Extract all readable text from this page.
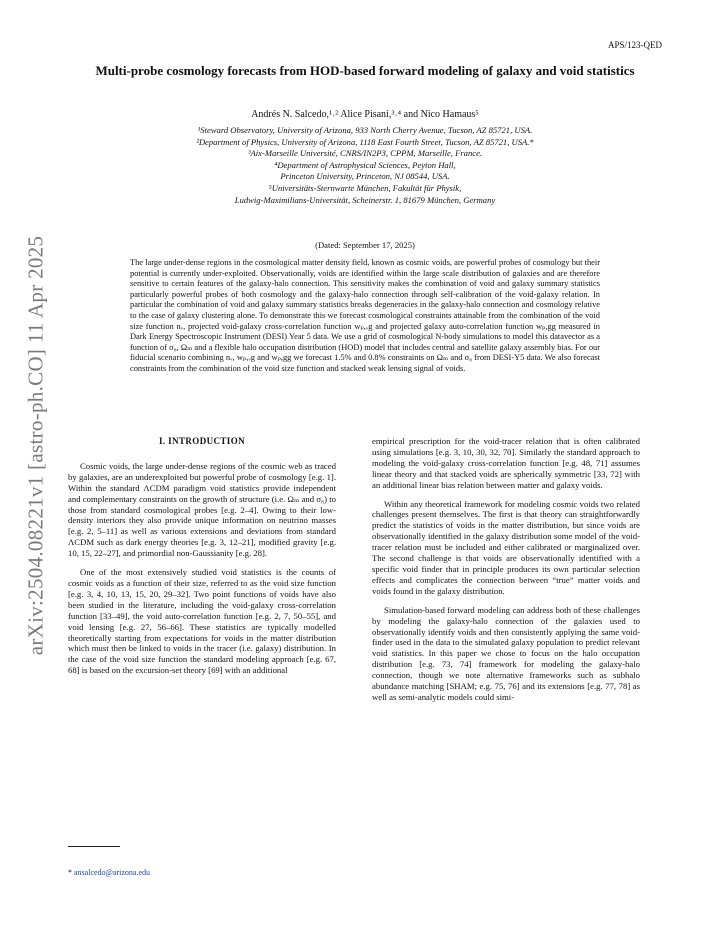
arXiv:2504.08221v1 [astro-ph.CO] 11 Apr 2025
APS/123-QED
Multi-probe cosmology forecasts from HOD-based forward modeling of galaxy and void statistics
Andrés N. Salcedo,¹˒² Alice Pisani,³˒⁴ and Nico Hamaus⁵
¹Steward Observatory, University of Arizona, 933 North Cherry Avenue, Tucson, AZ 85721, USA.
²Department of Physics, University of Arizona, 1118 East Fourth Street, Tucson, AZ 85721, USA.*
³Aix-Marseille Université, CNRS/IN2P3, CPPM, Marseille, France.
⁴Department of Astrophysical Sciences, Peyton Hall,
Princeton University, Princeton, NJ 08544, USA.
⁵Universitäts-Sternwarte München, Fakultät für Physik,
Ludwig-Maximilians-Universität, Scheinerstr. 1, 81679 München, Germany
(Dated: September 17, 2025)
The large under-dense regions in the cosmological matter density field, known as cosmic voids, are powerful probes of cosmology but their potential is currently under-exploited. Observationally, voids are identified within the large scale distribution of galaxies and are therefore sensitive to certain features of the galaxy-halo connection. This sensitivity makes the combination of void and galaxy summary statistics particularly powerful probes of both cosmology and the galaxy-halo connection through self-calibration of the void-galaxy relation. In particular the combination of void and galaxy summary statistics breaks degeneracies in the galaxy-halo connection and cosmology relative to the case of galaxy clustering alone. To demonstrate this we forecast cosmological constraints attainable from the combination of the void size function nᵥ, projected void-galaxy cross-correlation function wₚ,ᵥg and projected galaxy auto-correlation function wₚ,gg measured in Dark Energy Spectroscopic Instrument (DESI) Year 5 data. We use a grid of cosmological N-body simulations to model this datavector as a function of σ₈, Ωₘ and a flexible halo occupation distribution (HOD) model that includes central and satellite galaxy assembly bias. For our fiducial scenario combining nᵥ, wₚ,ᵥg and wₚ,gg we forecast 1.5% and 0.8% constraints on Ωₘ and σ₈ from DESI-Y5 data. We also forecast constraints from the combination of the void size function and stacked weak lensing signal of voids.
I. INTRODUCTION

Cosmic voids, the large under-dense regions of the cosmic web as traced by galaxies, are an underexploited but powerful probe of cosmology [e.g. 1]. Within the standard ΛCDM paradigm void statistics provide independent and complementary constraints on the growth of structure (i.e. Ωₘ and σ₈) to those from standard cosmological probes [e.g. 2–4]. Owing to their low-density interiors they also provide unique information on neutrino masses [e.g. 2, 5–11] as well as various extensions and deviations from standard ΛCDM such as dark energy theories [e.g. 3, 12–21], modified gravity [e.g. 10, 15, 22–27], and primordial non-Gaussianity [e.g. 28].

One of the most extensively studied void statistics is the counts of cosmic voids as a function of their size, referred to as the void size function [e.g. 3, 4, 10, 13, 15, 20, 29–32]. Two point functions of voids have also been studied in the literature, including the void-galaxy cross-correlation function [33–49], the void auto-correlation function [e.g. 2, 7, 50–55], and void lensing [e.g. 27, 56–66]. These statistics are typically modelled theoretically starting from expectations for voids in the matter distribution which must then be linked to voids in the tracer (i.e. galaxy) distribution. In the case of the void size function the standard modeling approach [e.g. 67, 68] is based on the excursion-set theory [69] with an additional

empirical prescription for the void-tracer relation that is often calibrated using simulations [e.g. 3, 10, 30, 32, 70]. Similarly the standard approach to modeling the void-galaxy cross-correlation function [e.g. 48, 71] assumes linear theory and that stacked voids are spherically symmetric [33, 72] with an additional linear bias relation between matter and galaxy voids.

Within any theoretical framework for modeling cosmic voids two related challenges present themselves. The first is that theory can straightforwardly predict the statistics of voids in the matter distribution, but since voids are observationally identified in the galaxy distribution some model of the void-tracer relation must be included and either calibrated or marginalized over. The second challenge is that voids are observationally identified with a specific void finder that in principle produces its own particular selection effects and complicates the connection between “true” matter voids and voids found in the galaxy distribution.

Simulation-based forward modeling can address both of these challenges by modeling the galaxy-halo connection of the galaxies used to observationally identify voids and then consistently applying the same void-finder used in the data to the simulated galaxy population to predict relevant void statistics. In this paper we chose to focus on the halo occupation distribution [e.g. 73, 74] framework for modeling the galaxy-halo connection, though we note alternative frameworks such as subhalo abundance matching [SHAM; e.g. 75, 76] and its extensions [e.g. 77, 78] as well as semi-analytic models could simi-

* ansalcedo@arizona.edu
